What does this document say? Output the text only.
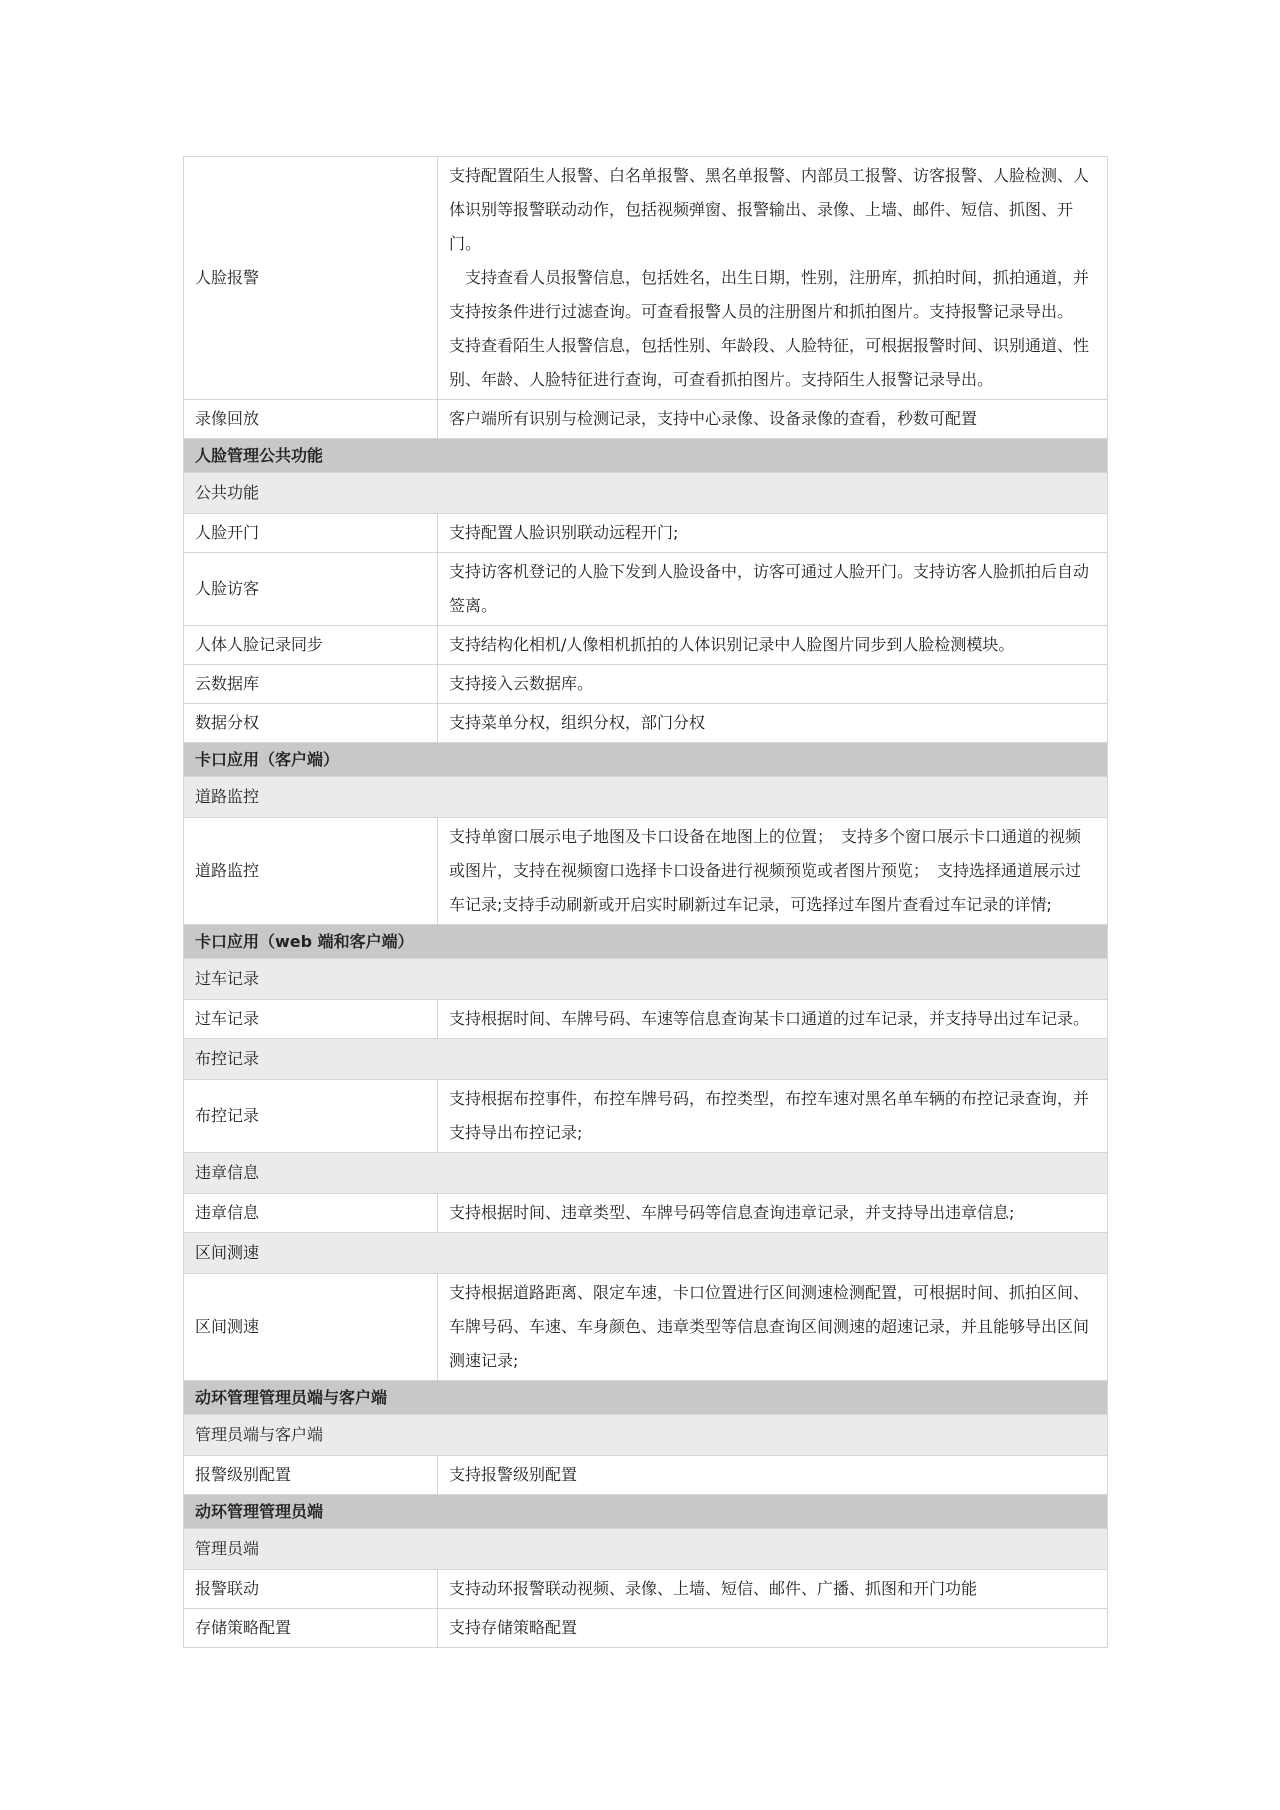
人脸报警	支持配置陌生人报警、白名单报警、黑名单报警、内部员工报警、访客报警、人脸检测、人体识别等报警联动动作，包括视频弹窗、报警输出、录像、上墙、邮件、短信、抓图、开门。
支持查看人员报警信息，包括姓名，出生日期，性别，注册库，抓拍时间，抓拍通道，并支持按条件进行过滤查询。可查看报警人员的注册图片和抓拍图片。支持报警记录导出。
支持查看陌生人报警信息，包括性别、年龄段、人脸特征，可根据报警时间、识别通道、性别、年龄、人脸特征进行查询，可查看抓拍图片。支持陌生人报警记录导出。

录像回放	客户端所有识别与检测记录，支持中心录像、设备录像的查看，秒数可配置

人脸管理公共功能	
公共功能	
人脸开门	支持配置人脸识别联动远程开门;

人脸访客	支持访客机登记的人脸下发到人脸设备中，访客可通过人脸开门。支持访客人脸抓拍后自动签离。

人体人脸记录同步	支持结构化相机/人像相机抓拍的人体识别记录中人脸图片同步到人脸检测模块。

云数据库	支持接入云数据库。

数据分权	支持菜单分权，组织分权，部门分权

卡口应用（客户端）	
道路监控	
道路监控	支持单窗口展示电子地图及卡口设备在地图上的位置；　支持多个窗口展示卡口通道的视频或图片，支持在视频窗口选择卡口设备进行视频预览或者图片预览；　支持选择通道展示过车记录;支持手动刷新或开启实时刷新过车记录，可选择过车图片查看过车记录的详情;

卡口应用（web 端和客户端）	
过车记录	
过车记录	支持根据时间、车牌号码、车速等信息查询某卡口通道的过车记录，并支持导出过车记录。

布控记录	
布控记录	支持根据布控事件，布控车牌号码，布控类型，布控车速对黑名单车辆的布控记录查询，并支持导出布控记录;

违章信息	
违章信息	支持根据时间、违章类型、车牌号码等信息查询违章记录，并支持导出违章信息;

区间测速	
区间测速	支持根据道路距离、限定车速，卡口位置进行区间测速检测配置，可根据时间、抓拍区间、车牌号码、车速、车身颜色、违章类型等信息查询区间测速的超速记录，并且能够导出区间测速记录;

动环管理管理员端与客户端	
管理员端与客户端	
报警级别配置	支持报警级别配置

动环管理管理员端	
管理员端	
报警联动	支持动环报警联动视频、录像、上墙、短信、邮件、广播、抓图和开门功能

存储策略配置	支持存储策略配置
